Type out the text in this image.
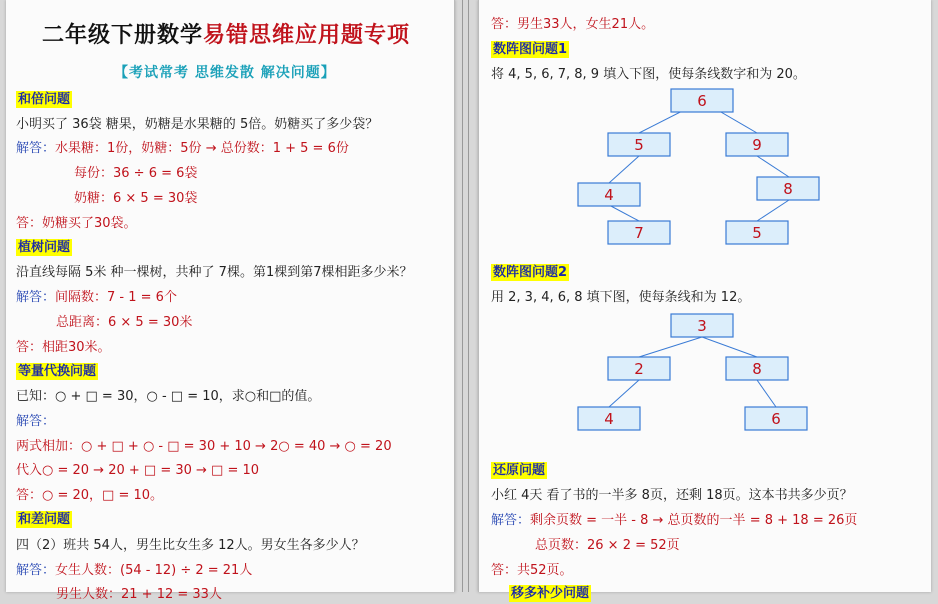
二年级下册数学易错思维应用题专项
【考试常考 思维发散 解决问题】
和倍问题
小明买了 36袋 糖果，奶糖是水果糖的 5倍。奶糖买了多少袋？
解答：水果糖：1份，奶糖：5份 → 总份数：1 + 5 = 6份
每份：36 ÷ 6 = 6袋
奶糖：6 × 5 = 30袋
答：奶糖买了30袋。
植树问题
沿直线每隔 5米 种一棵树，共种了 7棵。第1棵到第7棵相距多少米？
解答：间隔数：7 - 1 = 6个
总距离：6 × 5 = 30米
答：相距30米。
等量代换问题
已知：○ + □ = 30，○ - □ = 10，求○和□的值。
解答：
两式相加：○ + □ + ○ - □ = 30 + 10 → 2○ = 40 → ○ = 20
代入○ = 20 → 20 + □ = 30 → □ = 10
答：○ = 20，□ = 10。
和差问题
四（2）班共 54人，男生比女生多 12人。男女生各多少人？
解答：女生人数：(54 - 12) ÷ 2 = 21人
男生人数：21 + 12 = 33人
答：男生33人，女生21人。
数阵图问题1
将 4, 5, 6, 7, 8, 9 填入下图，使每条线数字和为 20。
6
5	9
4	8
7	5
数阵图问题2
用 2, 3, 4, 6, 8 填下图，使每条线和为 12。
3
2	8
4	6
还原问题
小红 4天 看了书的一半多 8页，还剩 18页。这本书共多少页？
解答：剩余页数 = 一半 - 8 → 总页数的一半 = 8 + 18 = 26页
总页数：26 × 2 = 52页
答：共52页。
移多补少问题
